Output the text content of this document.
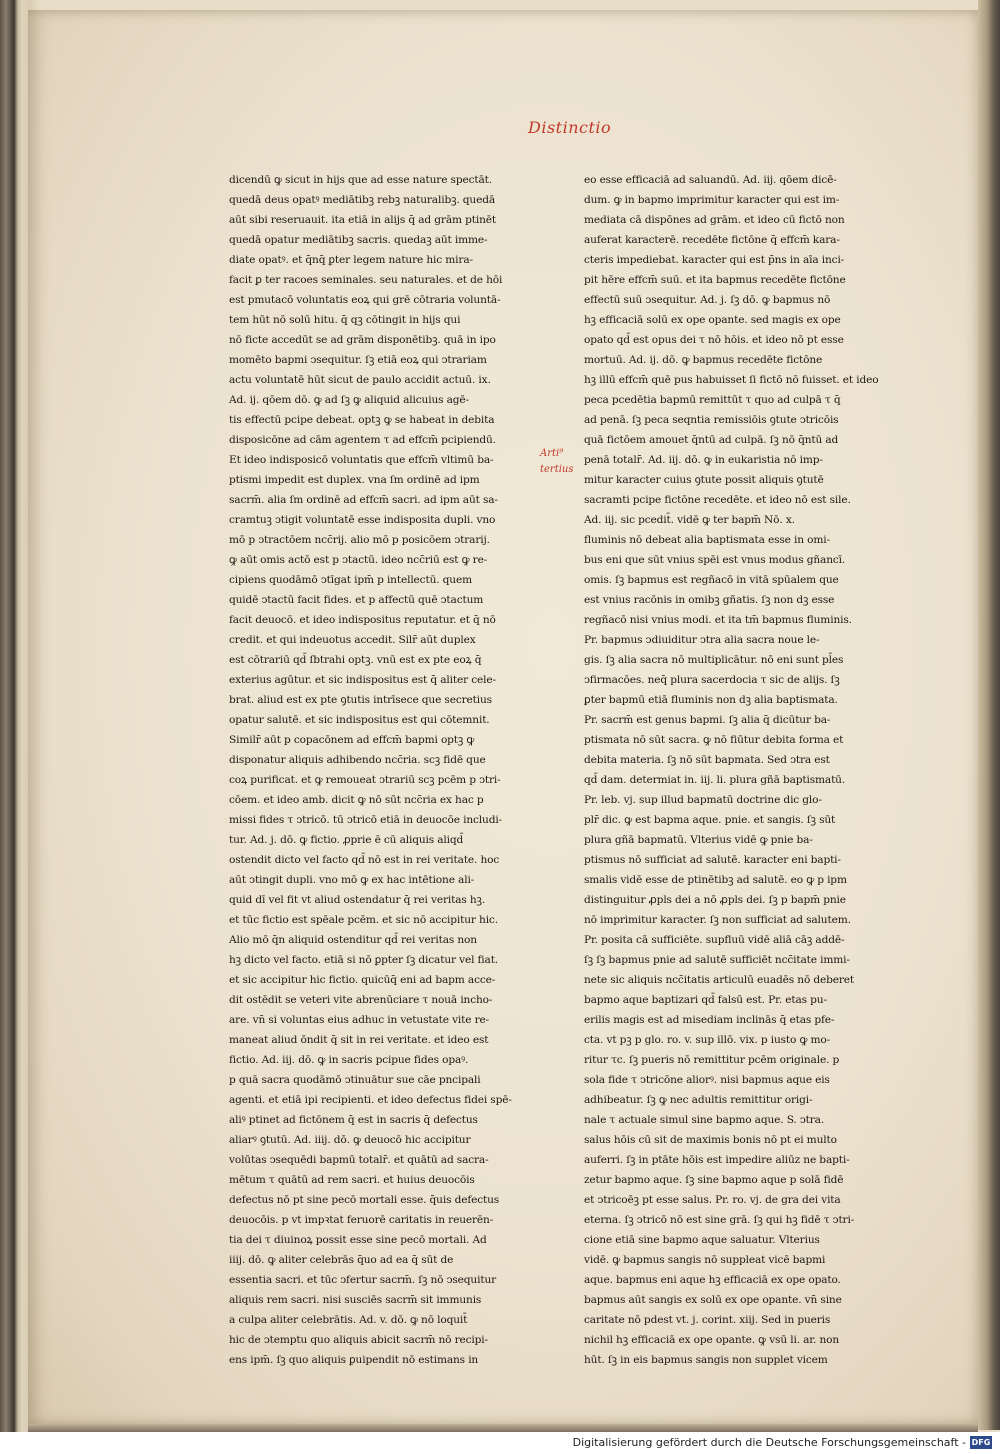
Distinctio
dicendū ꝙ sicut in hijs que ad esse nature spectāt.
quedā deus opatꝰ mediātibꝫ rebꝫ naturalibꝫ. quedā
aūt sibi reseruauit. ita etiā in alijs q̄ ad grām ptinēt
quedā opatur mediātibꝫ sacris. quedaꝫ aūt imme-
diate opatꝰ. et q̄nq̄ ꝑter legem nature hic mira-
facit ꝑ ter racoes seminales. seu naturales. et de hōi
est pmutacō voluntatis eoꝝ qui grē cōtraria voluntā-
tem hūt nō solū hitu. q̄ qꝫ cōtingit in hijs qui
nō ficte accedūt se ad grām disponētibꝫ. quā in ipo
momēto bapmi ↄsequitur. ſꝫ etiā eoꝝ qui ↄtrariam
actu voluntatē hūt sicut de paulo accidit actuū. ix.
Ad. ij. qōem dō. ꝙ ad ſꝫ ꝙ aliquid alicuius agē-
tis effectū pcipe debeat. optꝫ ꝙ se habeat in debita
disposicōne ad cām agentem τ ad effcm̄ pcipiendū.
Et ideo indisposicō voluntatis que effcm̄ vltimū ba-
ptismi impedit est duplex. vna ſm ordinē ad ipm
sacrm̄. alia ſm ordinē ad effcm̄ sacri. ad ipm aūt sa-
cramtuꝫ ↄtigit voluntatē esse indisposita dupli. vno
mō p ↄtractōem ncc̄rij. alio mō p posicōem ↄtrarij.
ꝙ aūt omis actō est p ↄtactū. ideo ncc̄riū est ꝙ re-
cipiens quodāmō ↄtīgat ipm̄ p intellectū. quem
quidē ↄtactū facit fides. et p affectū quē ↄtactum
facit deuocō. et ideo indispositus reputatur. et q̄ nō
credit. et qui indeuotus accedit. Silr̄ aūt duplex
est cōtrariū qd̄ ſbtrahi optꝫ. vnū est ex pte eoꝝ q̄
exterius agūtur. et sic indispositus est q̄ aliter cele-
brat. aliud est ex pte ꝯtutis intrīsece que secretius
opatur salutē. et sic indispositus est qui cōtemnit.
Similr̄ aūt p copacōnem ad effcm̄ bapmi optꝫ ꝙ
disponatur aliquis adhibendo ncc̄ria. scꝫ fidē que
coꝝ purificat. et ꝙ remoueat ↄtrariū scꝫ pcēm p ↄtri-
cōem. et ideo amb. dicit ꝙ nō sūt ncc̄ria ex hac p
missi fides τ ↄtricō. tū ↄtricō etiā in deuocōe includi-
tur. Ad. j. dō. ꝙ fictio. ꝓprie ē cū aliquis aliqd̄
ostendit dicto vel facto qd̄ nō est in rei veritate. hoc
aūt ↄtingit dupli. vno mō ꝙ ex hac intētione ali-
quid dī vel fit vt aliud ostendatur q̄ rei veritas hꝫ.
et tūc fictio est spēale pcēm. et sic nō accipitur hic.
Alio mō q̄n aliquid ostenditur qd̄ rei veritas non
hꝫ dicto vel facto. etiā si nō ꝑpter ſꝫ dicatur vel fiat.
et sic accipitur hic fictio. quicūq̄ eni ad bapm acce-
dit ostēdit se veteri vite abrenūciare τ nouā incho-
are. vn̄ si voluntas eius adhuc in vetustate vite re-
maneat aliud ōndit q̄ sit in rei veritate. et ideo est
fictio. Ad. iij. dō. ꝙ in sacris pcipue fides opaꝰ.
p quā sacra quodāmō ↄtinuātur sue cāe pncipali
agenti. et etiā ipi recipienti. et ideo defectus fidei spē-
aliꝰ ptinet ad fictōnem q̄ est in sacris q̄ defectus
aliarꝰ ꝯtutū. Ad. iiij. dō. ꝙ deuocō hic accipitur
volūtas ↄsequēdi bapmū totalr̄. et quātū ad sacra-
mētum τ quātū ad rem sacri. et huius deuocōis
defectus nō pt sine pecō mortali esse. q̄uis defectus
deuocōis. p vt impꝛtat feruorē caritatis in reuerēn-
tia dei τ diuinoꝝ possit esse sine pecō mortali. Ad
iiij. dō. ꝙ aliter celebrās q̄uo ad ea q̄ sūt de
essentia sacri. et tūc ↄfertur sacrm̄. ſꝫ nō ↄsequitur
aliquis rem sacri. nisi susciēs sacrm̄ sit immunis
a culpa aliter celebrātis. Ad. v. dō. ꝙ nō loquit̄
hic de ↄtemptu quo aliquis abicit sacrm̄ nō recipi-
ens ipm̄. ſꝫ quo aliquis ꝑuipendit nō estimans in
Arti⁹
tertius
eo esse efficaciā ad saluandū. Ad. iij. qōem dicē-
dum. ꝙ in bapmo imprimitur karacter qui est im-
mediata cā dispōnes ad grām. et ideo cū fictō non
auferat karacterē. recedēte fictōne q̄ effcm̄ kara-
cteris impediebat. karacter qui est p̄ns in aīa inci-
pit hēre effcm̄ suū. et ita bapmus recedēte fictōne
effectū suū ↄsequitur. Ad. j. ſꝫ dō. ꝙ bapmus nō
hꝫ efficaciā solū ex ope opante. sed magis ex ope
opato qd̄ est opus dei τ nō hōis. et ideo nō pt esse
mortuū. Ad. ij. dō. ꝙ bapmus recedēte fictōne
hꝫ illū effcm̄ quē pus habuisset ſi fictō nō fuisset. et ideo
peca pcedētia bapmū remittūt τ quo ad culpā τ q̄
ad penā. ſꝫ peca seqntia remissiōis ꝯtute ↄtricōis
quā fictōem amouet q̄ntū ad culpā. ſꝫ nō q̄ntū ad
penā totalr̄. Ad. iij. dō. ꝙ in eukaristia nō imp-
mitur karacter cuius ꝯtute possit aliquis ꝯtutē
sacramti pcipe fictōne recedēte. et ideo nō est sile.
Ad. iij. sic pcedit̄. vidē ꝙ ter bapm̄ Nō. x.
fluminis nō debeat alia baptismata esse in omi-
bus eni que sūt vnius spēi est vnus modus gñancī.
omis. ſꝫ bapmus est regñacō in vitā spūalem que
est vnius racōnis in omibꝫ gñatis. ſꝫ non dꝫ esse
regñacō nisi vnius modi. et ita tm̄ bapmus fluminis.
Pr. bapmus ↄdiuiditur ↄtra alia sacra noue le-
gis. ſꝫ alia sacra nō multiplicātur. nō eni sunt pl̄es
ↄfirmacōes. neq̄ plura sacerdocia τ sic de alijs. ſꝫ
ꝑter bapmū etiā fluminis non dꝫ alia baptismata.
Pr. sacrm̄ est genus bapmi. ſꝫ alia q̄ dicūtur ba-
ptismata nō sūt sacra. ꝙ nō fiūtur debita forma et
debita materia. ſꝫ nō sūt bapmata. Sed ↄtra est
qd̄ dam. determiat in. iij. li. plura gñā baptismatū.
Pr. leb. vj. sup illud bapmatū doctrine dic glo-
plr̄ dic. ꝙ est bapma aque. pnie. et sangis. ſꝫ sūt
plura gñā bapmatū. Vlterius vidē ꝙ pnie ba-
ptismus nō sufficiat ad salutē. karacter eni bapti-
smalis vidē esse de ptinētibꝫ ad salutē. eo ꝙ p ipm
distinguitur ꝓpls dei a nō ꝓpls dei. ſꝫ p bapm̄ pnie
nō imprimitur karacter. ſꝫ non sufficiat ad salutem.
Pr. posita cā sufficiēte. supfluū vidē aliā cāꝫ addē-
ſꝫ ſꝫ bapmus pnie ad salutē sufficiēt ncc̄itate immi-
nete sic aliquis ncc̄itatis articulū euadēs nō deberet
bapmo aque baptizari qd̄ falsū est. Pr. etas pu-
erilis magis est ad misediam inclinās q̄ etas pfe-
cta. vt pꝫ p glo. ro. v. sup illō. vix. p iusto ꝙ mo-
ritur τc. ſꝫ pueris nō remittitur pcēm originale. p
sola fide τ ↄtricōne aliorꝰ. nisi bapmus aque eis
adhibeatur. ſꝫ ꝙ nec adultis remittitur origi-
nale τ actuale simul sine bapmo aque. S. ↄtra.
salus hōis cū sit de maximis bonis nō pt ei multo
auferri. ſꝫ in ptāte hōis est impedire aliūz ne bapti-
zetur bapmo aque. ſꝫ sine bapmo aque p solā fidē
et ↄtricoēꝫ pt esse salus. Pr. ro. vj. de gra dei vita
eterna. ſꝫ ↄtricō nō est sine grā. ſꝫ qui hꝫ fidē τ ↄtri-
cione etiā sine bapmo aque saluatur. Vlterius
vidē. ꝙ bapmus sangis nō suppleat vicē bapmi
aque. bapmus eni aque hꝫ efficaciā ex ope opato.
bapmus aūt sangis ex solū ex ope opante. vn̄ sine
caritate nō pdest vt. j. corint. xiij. Sed in pueris
nichil hꝫ efficaciā ex ope opante. ꝙ vsū li. ar. non
hūt. ſꝫ in eis bapmus sangis non supplet vicem
Digitalisierung gefördert durch die Deutsche Forschungsgemeinschaft - DFG
